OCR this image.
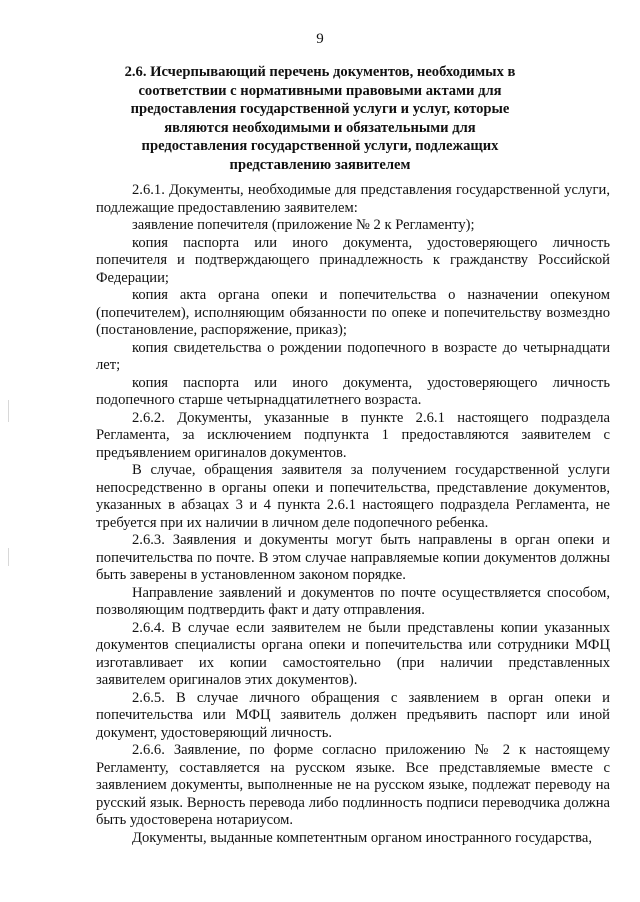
9
2.6. Исчерпывающий перечень документов, необходимых в соответствии с нормативными правовыми актами для предоставления государственной услуги и услуг, которые являются необходимыми и обязательными для предоставления государственной услуги, подлежащих представлению заявителем

2.6.1. Документы, необходимые для представления государственной услуги, подлежащие предоставлению заявителем:

заявление попечителя (приложение № 2 к Регламенту);

копия паспорта или иного документа, удостоверяющего личность попечителя и подтверждающего принадлежность к гражданству Российской Федерации;

копия акта органа опеки и попечительства о назначении опекуном (попечителем), исполняющим обязанности по опеке и попечительству возмездно (постановление, распоряжение, приказ);

копия свидетельства о рождении подопечного в возрасте до четырнадцати лет;

копия паспорта или иного документа, удостоверяющего личность подопечного старше четырнадцатилетнего возраста.

2.6.2. Документы, указанные в пункте 2.6.1 настоящего подраздела Регламента, за исключением подпункта 1 предоставляются заявителем с предъявлением оригиналов документов.

В случае, обращения заявителя за получением государственной услуги непосредственно в органы опеки и попечительства, представление документов, указанных в абзацах 3 и 4 пункта 2.6.1 настоящего подраздела Регламента, не требуется при их наличии в личном деле подопечного ребенка.

2.6.3. Заявления и документы могут быть направлены в орган опеки и попечительства по почте. В этом случае направляемые копии документов должны быть заверены в установленном законом порядке.

Направление заявлений и документов по почте осуществляется способом, позволяющим подтвердить факт и дату отправления.

2.6.4. В случае если заявителем не были представлены копии указанных документов специалисты органа опеки и попечительства или сотрудники МФЦ изготавливает их копии самостоятельно (при наличии представленных заявителем оригиналов этих документов).

2.6.5. В случае личного обращения с заявлением в орган опеки и попечительства или МФЦ заявитель должен предъявить паспорт или иной документ, удостоверяющий личность.

2.6.6. Заявление, по форме согласно приложению № 2 к настоящему Регламенту, составляется на русском языке. Все представляемые вместе с заявлением документы, выполненные не на русском языке, подлежат переводу на русский язык. Верность перевода либо подлинность подписи переводчика должна быть удостоверена нотариусом.

Документы, выданные компетентным органом иностранного государства,
